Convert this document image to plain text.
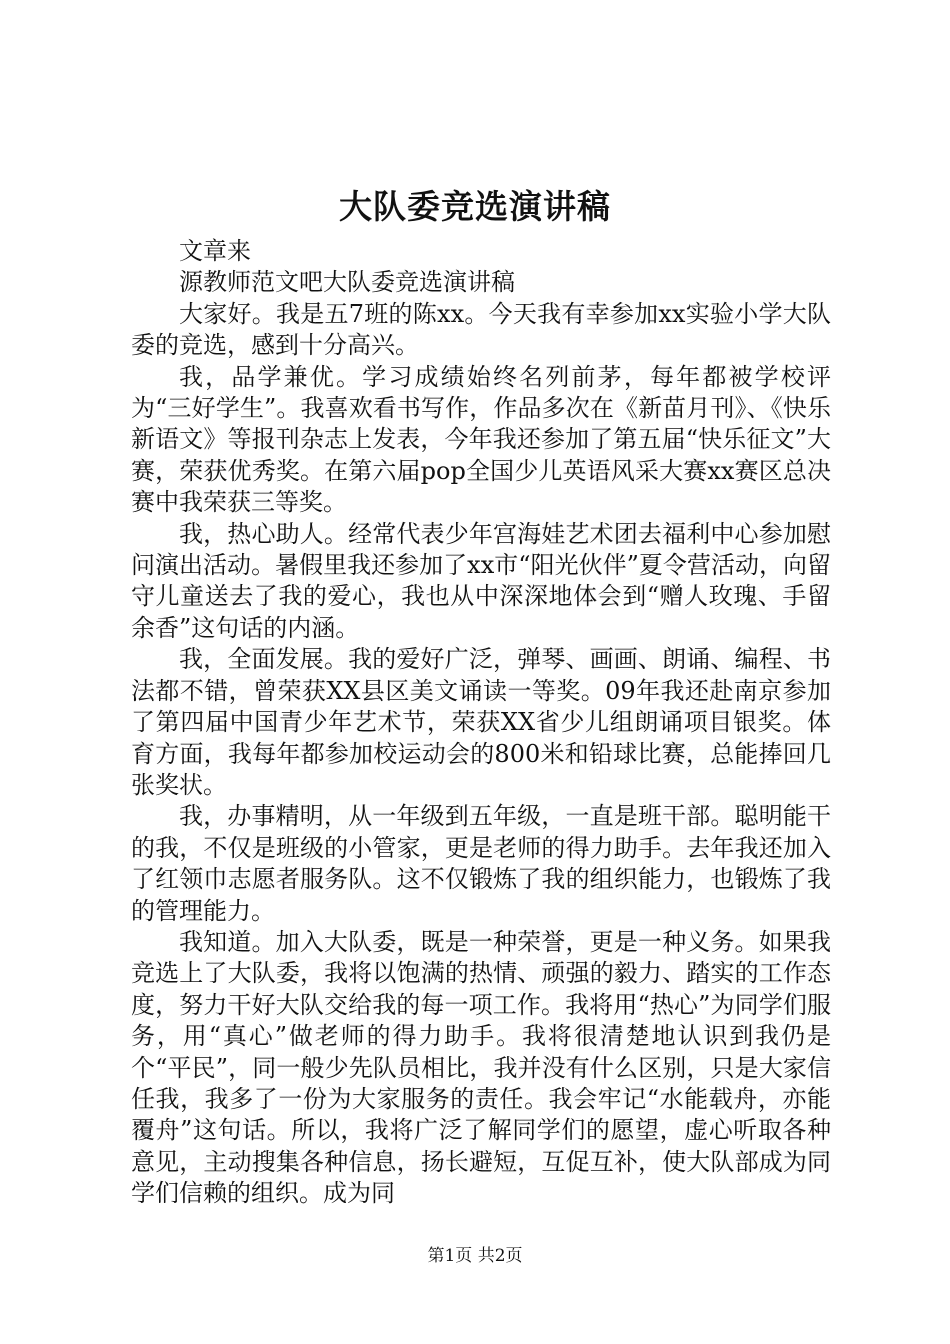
大队委竞选演讲稿

文章来

源教师范文吧大队委竞选演讲稿

大家好。我是五7班的陈xx。今天我有幸参加xx实验小学大队委的竞选，感到十分高兴。

我，品学兼优。学习成绩始终名列前茅，每年都被学校评为“三好学生”。我喜欢看书写作，作品多次在《新苗月刊》、《快乐新语文》等报刊杂志上发表，今年我还参加了第五届“快乐征文”大赛，荣获优秀奖。在第六届pop全国少儿英语风采大赛xx赛区总决赛中我荣获三等奖。

我，热心助人。经常代表少年宫海娃艺术团去福利中心参加慰问演出活动。暑假里我还参加了xx市“阳光伙伴”夏令营活动，向留守儿童送去了我的爱心，我也从中深深地体会到“赠人玫瑰、手留余香”这句话的内涵。

我，全面发展。我的爱好广泛，弹琴、画画、朗诵、编程、书法都不错，曾荣获XX县区美文诵读一等奖。09年我还赴南京参加了第四届中国青少年艺术节，荣获XX省少儿组朗诵项目银奖。体育方面，我每年都参加校运动会的800米和铅球比赛，总能捧回几张奖状。

我，办事精明，从一年级到五年级，一直是班干部。聪明能干的我，不仅是班级的小管家，更是老师的得力助手。去年我还加入了红领巾志愿者服务队。这不仅锻炼了我的组织能力，也锻炼了我的管理能力。

我知道。加入大队委，既是一种荣誉，更是一种义务。如果我竞选上了大队委，我将以饱满的热情、顽强的毅力、踏实的工作态度，努力干好大队交给我的每一项工作。我将用“热心”为同学们服务，用“真心”做老师的得力助手。我将很清楚地认识到我仍是个“平民”，同一般少先队员相比，我并没有什么区别，只是大家信任我，我多了一份为大家服务的责任。我会牢记“水能载舟，亦能覆舟”这句话。所以，我将广泛了解同学们的愿望，虚心听取各种意见，主动搜集各种信息，扬长避短，互促互补，使大队部成为同学们信赖的组织。成为同

第1页 共2页
